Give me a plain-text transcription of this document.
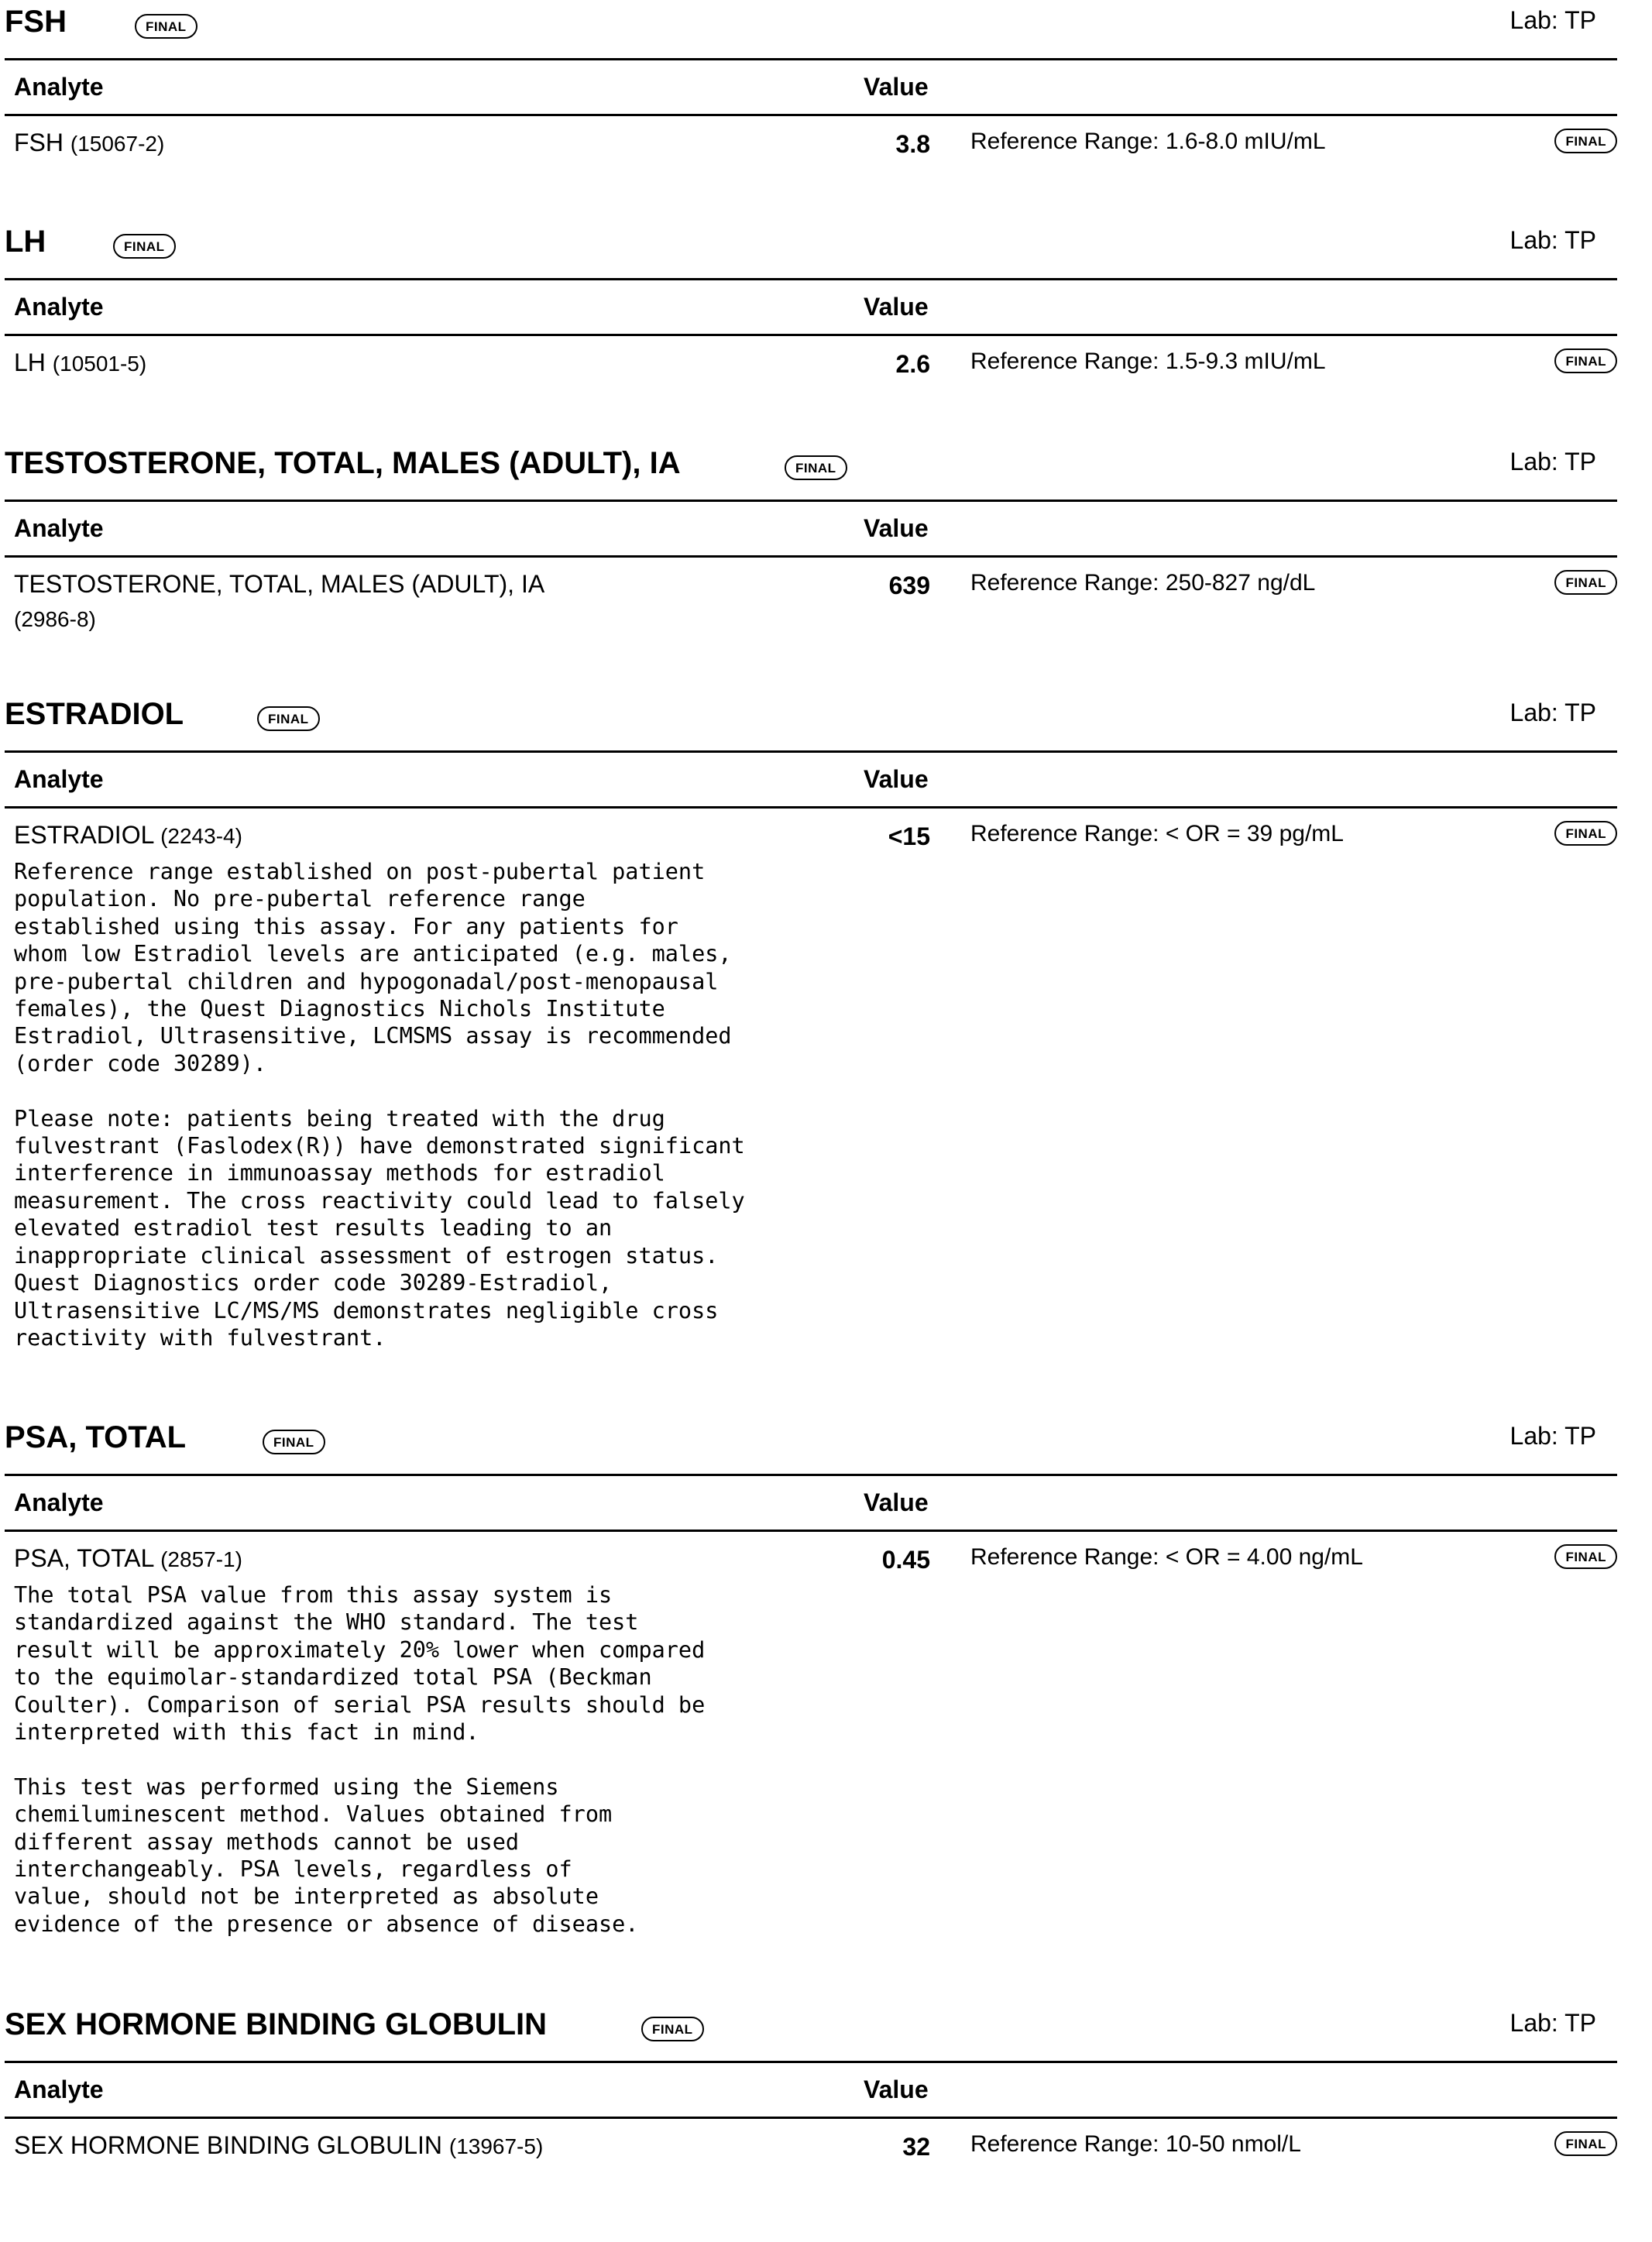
FSH	FINAL	Lab: TP
Analyte	Value
FSH (15067-2)	3.8 Reference Range: 1.6-8.0 mIU/mL	FINAL
LH	FINAL	Lab: TP
Analyte	Value
LH (10501-5)	2.6 Reference Range: 1.5-9.3 mIU/mL	FINAL
TESTOSTERONE, TOTAL, MALES (ADULT), IA	FINAL	Lab: TP
Analyte	Value
TESTOSTERONE, TOTAL, MALES (ADULT), IA
(2986-8)
639 Reference Range: 250-827 ng/dL	FINAL
ESTRADIOL	FINAL	Lab: TP
Analyte	Value
ESTRADIOL (2243-4)	<15 Reference Range: < OR = 39 pg/mL	FINAL
Reference range established on post-pubertal patient
population. No pre-pubertal reference range
established using this assay. For any patients for
whom low Estradiol levels are anticipated (e.g. males,
pre-pubertal children and hypogonadal/post-menopausal
females), the Quest Diagnostics Nichols Institute
Estradiol, Ultrasensitive, LCMSMS assay is recommended
(order code 30289).

Please note: patients being treated with the drug
fulvestrant (Faslodex(R)) have demonstrated significant
interference in immunoassay methods for estradiol
measurement. The cross reactivity could lead to falsely
elevated estradiol test results leading to an
inappropriate clinical assessment of estrogen status.
Quest Diagnostics order code 30289-Estradiol,
Ultrasensitive LC/MS/MS demonstrates negligible cross
reactivity with fulvestrant.
PSA, TOTAL	FINAL	Lab: TP
Analyte	Value
PSA, TOTAL (2857-1)	0.45 Reference Range: < OR = 4.00 ng/mL	FINAL
The total PSA value from this assay system is
standardized against the WHO standard. The test
result will be approximately 20% lower when compared
to the equimolar-standardized total PSA (Beckman
Coulter). Comparison of serial PSA results should be
interpreted with this fact in mind.

This test was performed using the Siemens
chemiluminescent method. Values obtained from
different assay methods cannot be used
interchangeably. PSA levels, regardless of
value, should not be interpreted as absolute
evidence of the presence or absence of disease.
SEX HORMONE BINDING GLOBULIN	FINAL	Lab: TP
Analyte	Value
SEX HORMONE BINDING GLOBULIN (13967-5)	32 Reference Range: 10-50 nmol/L	FINAL
